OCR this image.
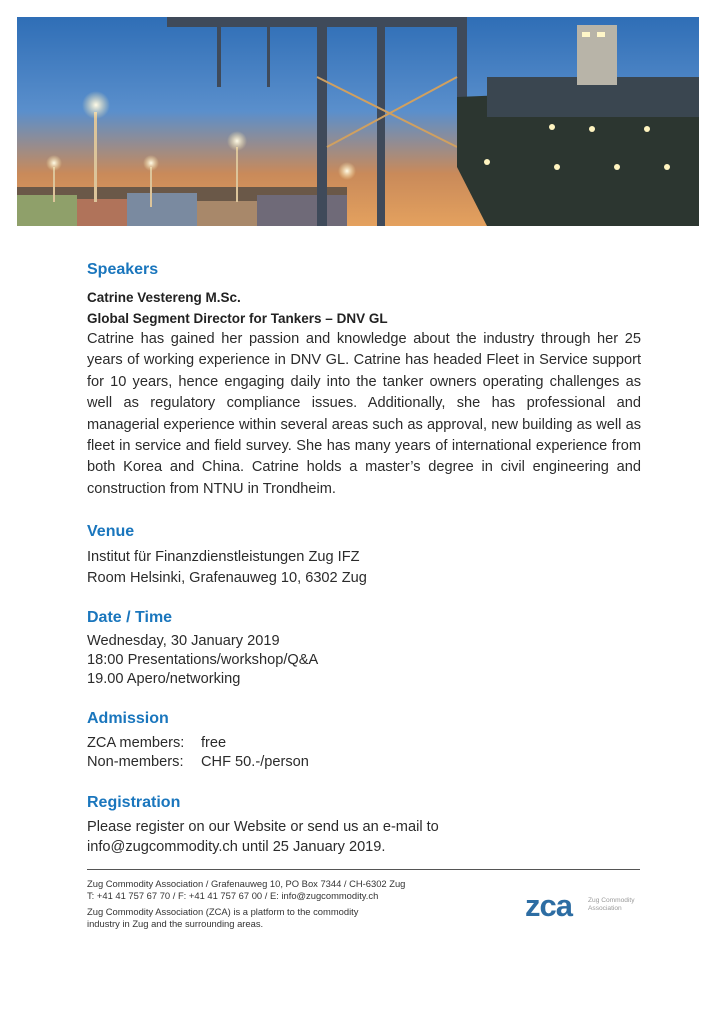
Speakers
Catrine Vestereng M.Sc.
Global Segment Director for Tankers – DNV GL
Catrine has gained her passion and knowledge about the industry through her 25 years of working experience in DNV GL. Catrine has headed Fleet in Service support for 10 years, hence engaging daily into the tanker owners operating challenges as well as regulatory compliance issues. Additionally, she has professional and managerial experience within several areas such as approval, new building as well as fleet in service and field survey. She has many years of international experience from both Korea and China. Catrine holds a master’s degree in civil engineering and construction from NTNU in Trondheim.
Venue
Institut für Finanzdienstleistungen Zug IFZ
Room Helsinki, Grafenauweg 10, 6302 Zug
Date / Time
Wednesday, 30 January 2019
18:00 Presentations/workshop/Q&A
19.00 Apero/networking
Admission
ZCA members:	free
Non-members:	CHF 50.-/person
Registration
Please register on our Website or send us an e-mail to
info@zugcommodity.ch until 25 January 2019.
Zug Commodity Association / Grafenauweg 10, PO Box 7344 / CH-6302 Zug
T: +41 41 757 67 70 / F: +41 41 757 67 00 / E: info@zugcommodity.ch
Zug Commodity Association (ZCA) is a platform to the commodity
industry in Zug and the surrounding areas.
zca Zug Commodity
Association
